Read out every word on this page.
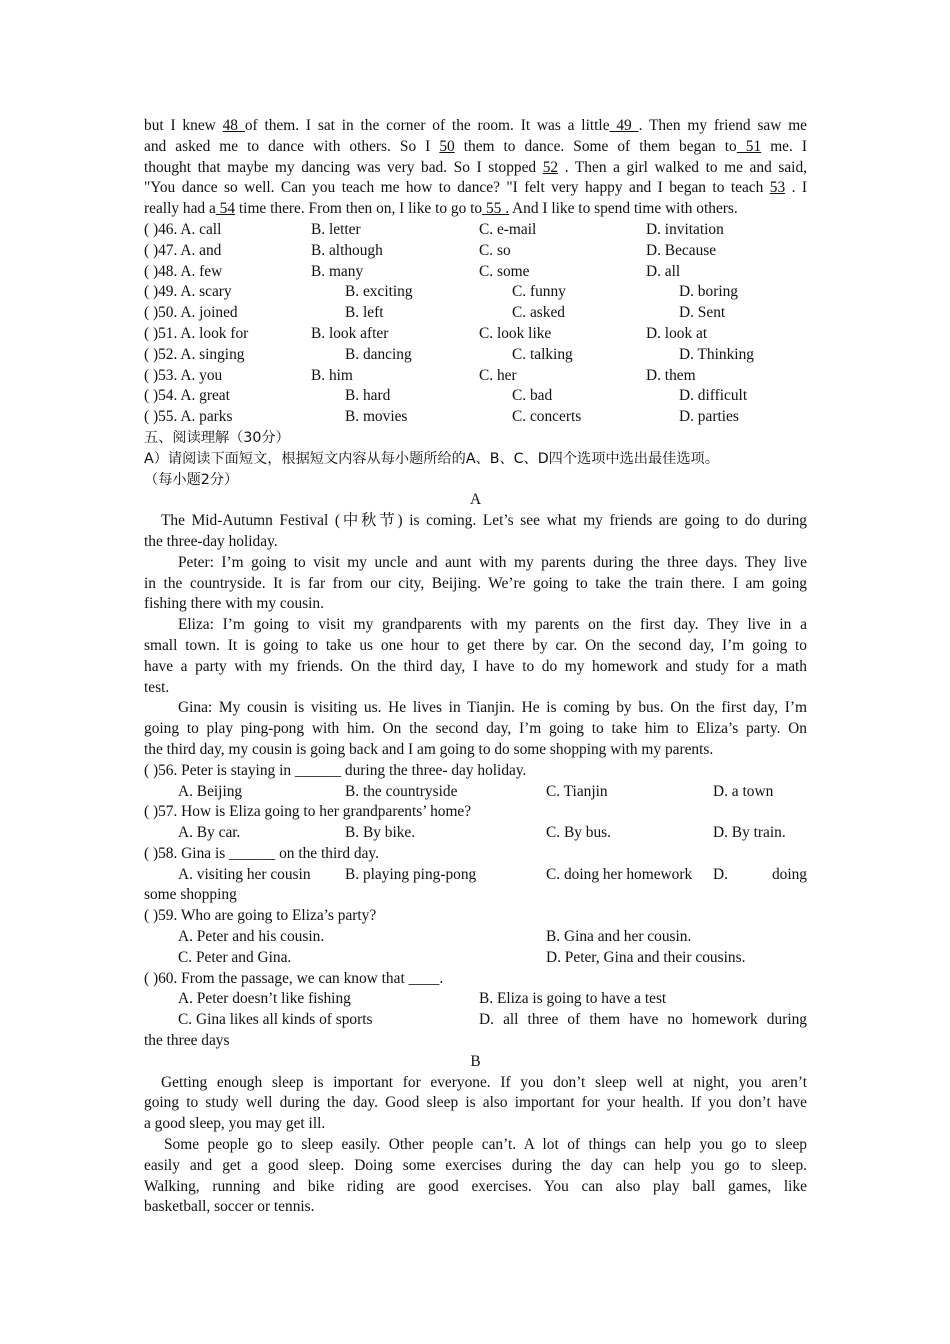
but I knew 48 of them. I sat in the corner of the room. It was a little 49 . Then my friend saw me
and asked me to dance with others. So I 50 them to dance. Some of them began to 51 me. I
thought that maybe my dancing was very bad. So I stopped 52 . Then a girl walked to me and said,
"You dance so well. Can you teach me how to dance? "I felt very happy and I began to teach 53 . I
really had a 54 time there. From then on, I like to go to 55 . And I like to spend time with others.
( )46. A. call	B. letter	C. e-mail	D. invitation
( )47. A. and	B. although	C. so	D. Because
( )48. A. few	B. many	C. some	D. all
( )49. A. scary	B. exciting	C. funny	D. boring
( )50. A. joined	B. left	C. asked	D. Sent
( )51. A. look for	B. look after	C. look like	D. look at
( )52. A. singing	B. dancing	C. talking	D. Thinking
( )53. A. you	B. him	C. her	D. them
( )54. A. great	B. hard	C. bad	D. difficult
( )55. A. parks	B. movies	C. concerts	D. parties
五、阅读理解（30分）
A）请阅读下面短文，根据短文内容从每小题所给的A、B、C、D四个选项中选出最佳选项。
（每小题2分）
A
The Mid-Autumn Festival (中秋节) is coming. Let’s see what my friends are going to do during
the three-day holiday.
Peter: I’m going to visit my uncle and aunt with my parents during the three days. They live
in the countryside. It is far from our city, Beijing. We’re going to take the train there. I am going
fishing there with my cousin.
Eliza: I’m going to visit my grandparents with my parents on the first day. They live in a
small town. It is going to take us one hour to get there by car. On the second day, I’m going to
have a party with my friends. On the third day, I have to do my homework and study for a math
test.
Gina: My cousin is visiting us. He lives in Tianjin. He is coming by bus. On the first day, I’m
going to play ping-pong with him. On the second day, I’m going to take him to Eliza’s party. On
the third day, my cousin is going back and I am going to do some shopping with my parents.
( )56. Peter is staying in ______ during the three- day holiday.
A. Beijing	B. the countryside	C. Tianjin	D. a town
( )57. How is Eliza going to her grandparents’ home?
A. By car.	B. By bike.	C. By bus.	D. By train.
( )58. Gina is ______ on the third day.
A. visiting her cousin B. playing ping-pong	C. doing her homework D.	doing
some shopping
( )59. Who are going to Eliza’s party?
A. Peter and his cousin.	B. Gina and her cousin.
C. Peter and Gina.	D. Peter, Gina and their cousins.
( )60. From the passage, we can know that ____.
A. Peter doesn’t like fishing	B. Eliza is going to have a test
C. Gina likes all kinds of sports	D. all three of them have no homework during
the three days
B
Getting enough sleep is important for everyone. If you don’t sleep well at night, you aren’t
going to study well during the day. Good sleep is also important for your health. If you don’t have
a good sleep, you may get ill.
Some people go to sleep easily. Other people can’t. A lot of things can help you go to sleep
easily and get a good sleep. Doing some exercises during the day can help you go to sleep.
Walking, running and bike riding are good exercises. You can also play ball games, like
basketball, soccer or tennis.
